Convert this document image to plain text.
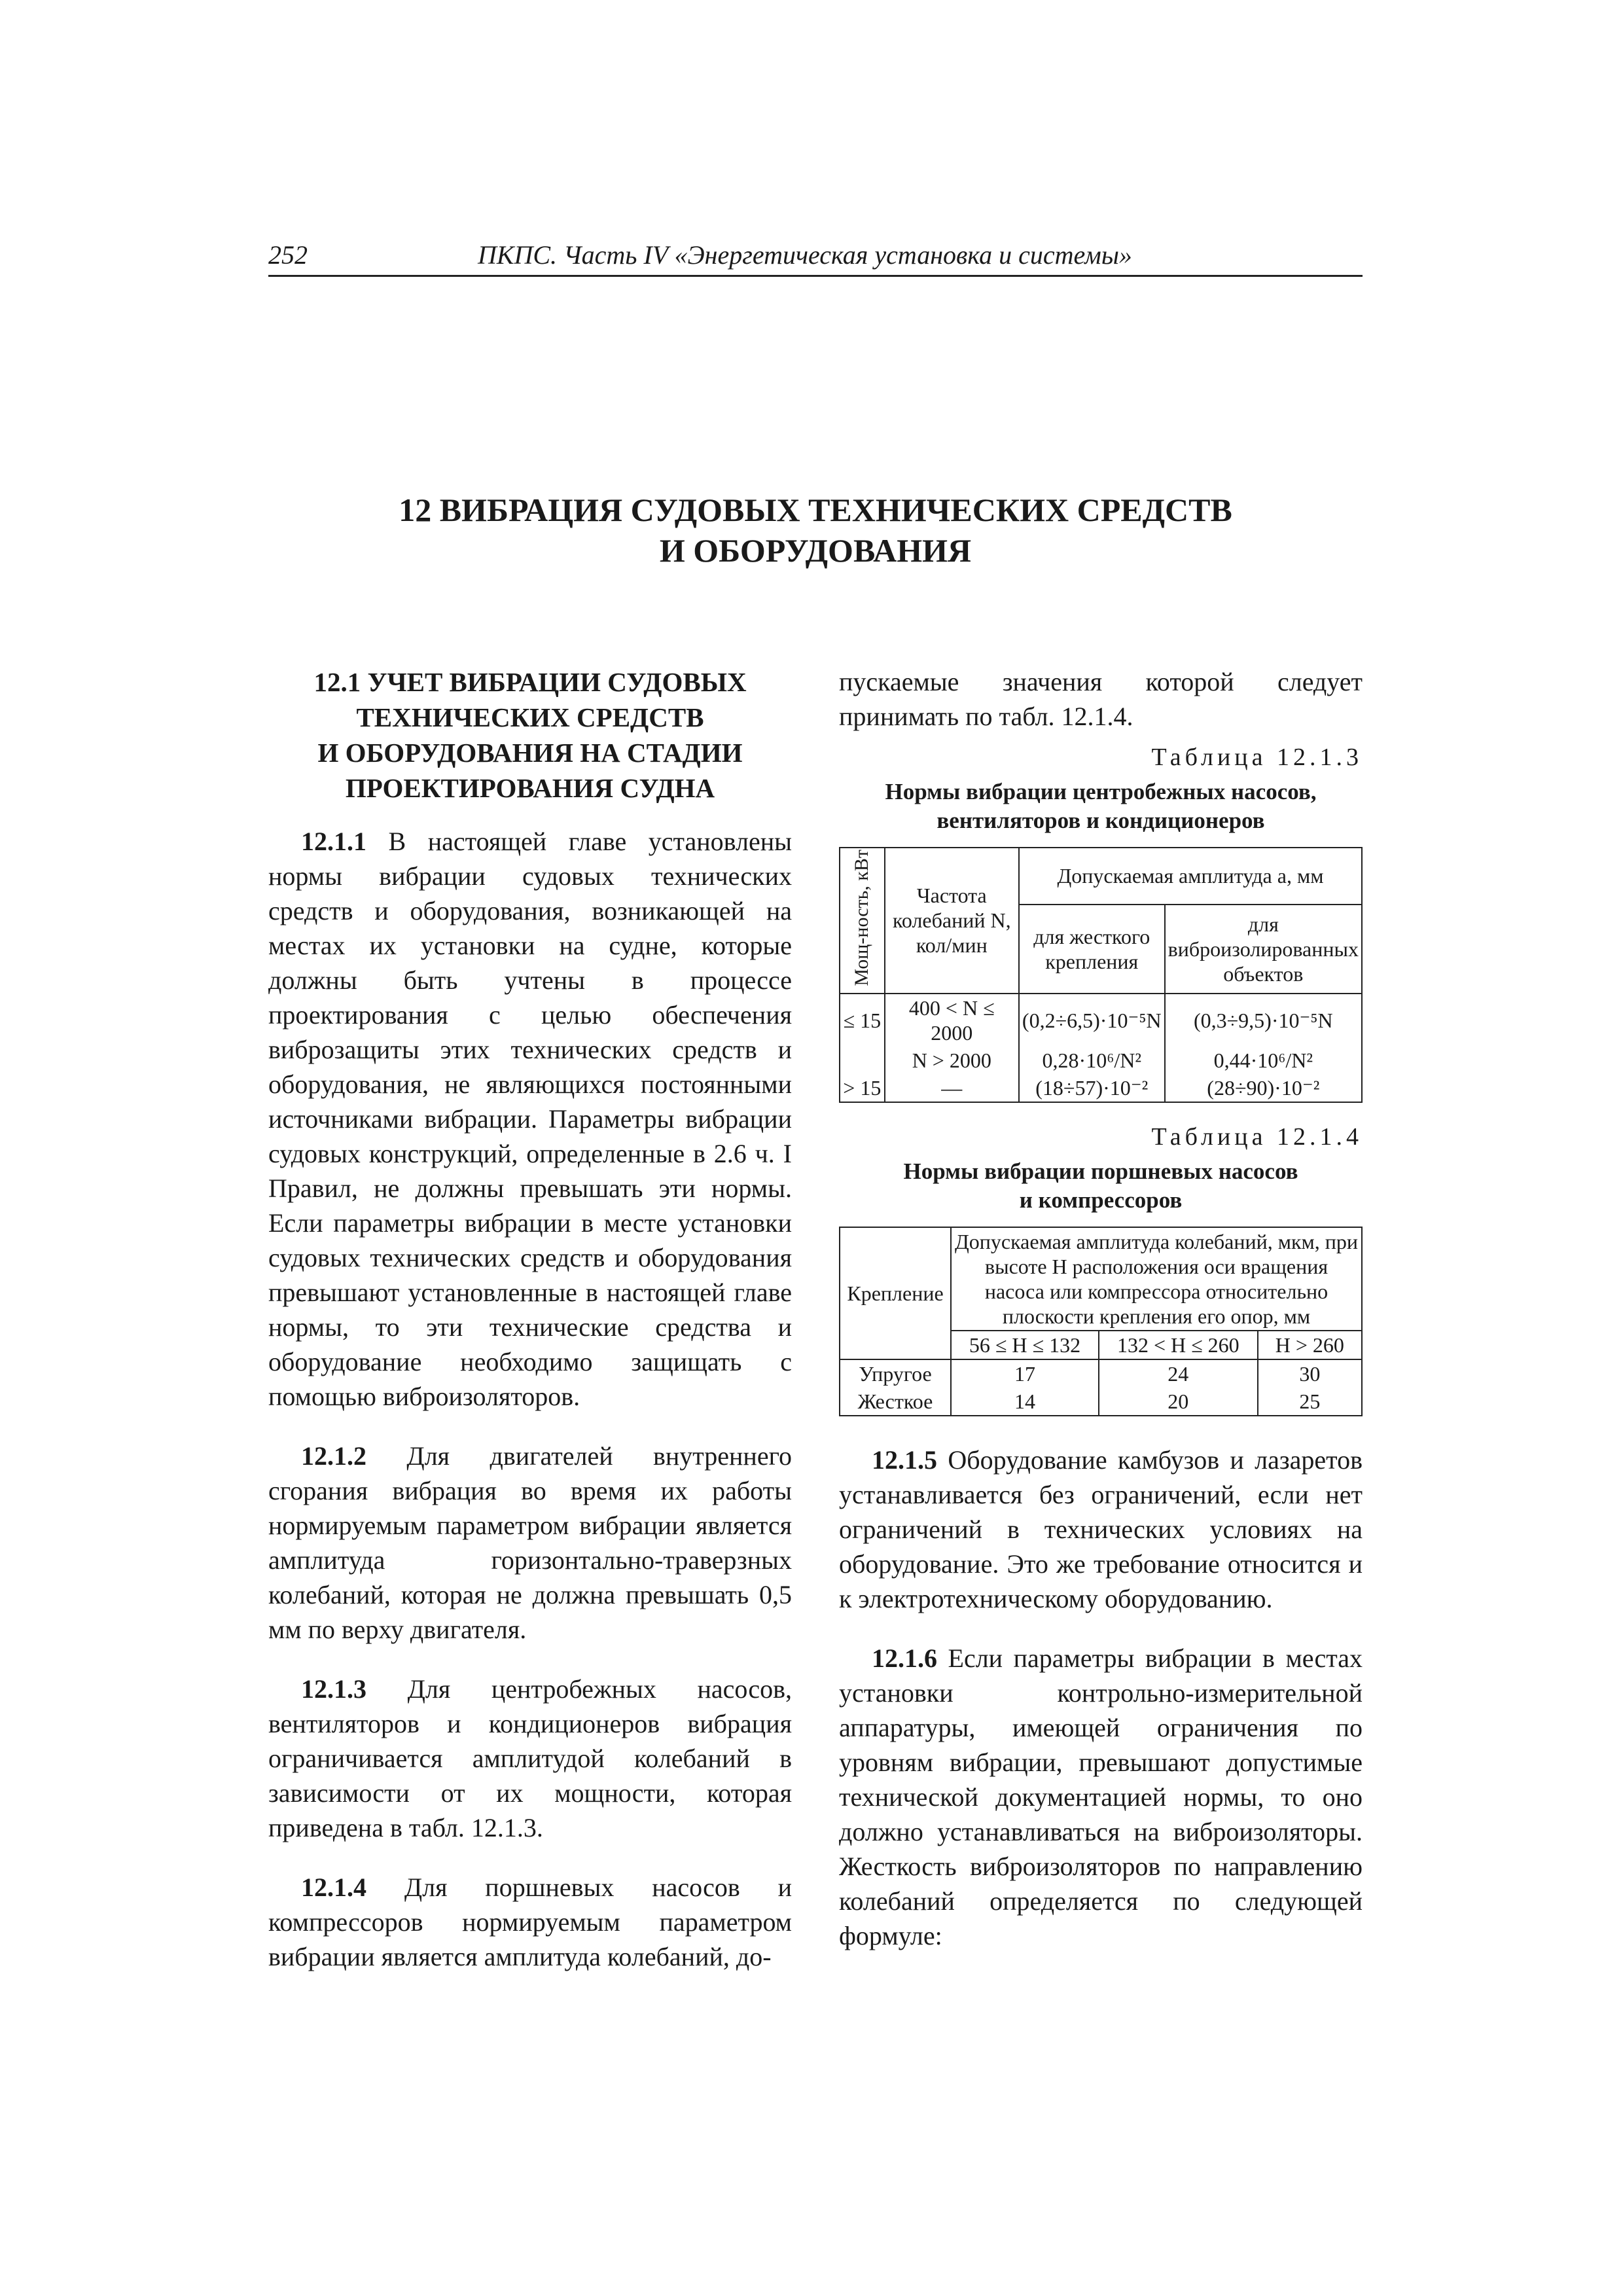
252	ПКПС. Часть IV «Энергетическая установка и системы»
12 ВИБРАЦИЯ СУДОВЫХ ТЕХНИЧЕСКИХ СРЕДСТВ
И ОБОРУДОВАНИЯ
12.1 УЧЕТ ВИБРАЦИИ СУДОВЫХ
ТЕХНИЧЕСКИХ СРЕДСТВ
И ОБОРУДОВАНИЯ НА СТАДИИ
ПРОЕКТИРОВАНИЯ СУДНА

12.1.1 В настоящей главе установлены нормы вибрации судовых технических средств и оборудования, возникающей на местах их установки на судне, которые должны быть учтены в процессе проектирования с целью обеспечения виброзащиты этих технических средств и оборудования, не являющихся постоянными источниками вибрации. Параметры вибрации судовых конструкций, определенные в 2.6 ч. I Правил, не должны превышать эти нормы. Если параметры вибрации в месте установки судовых технических средств и оборудования превышают установленные в настоящей главе нормы, то эти технические средства и оборудование необходимо защищать с помощью виброизоляторов.

12.1.2 Для двигателей внутреннего сгорания вибрация во время их работы нормируемым параметром вибрации является амплитуда горизонтально-траверзных колебаний, которая не должна превышать 0,5 мм по верху двигателя.

12.1.3 Для центробежных насосов, вентиляторов и кондиционеров вибрация ограничивается амплитудой колебаний в зависимости от их мощности, которая приведена в табл. 12.1.3.

12.1.4 Для поршневых насосов и компрессоров нормируемым параметром вибрации является амплитуда колебаний, до-

пускаемые значения которой следует принимать по табл. 12.1.4.

Таблица 12.1.3
Нормы вибрации центробежных насосов,
вентиляторов и кондиционеров
Мощ-ность, кВт	Частота колебаний N, кол/мин	Допускаемая амплитуда a, мм	
		для жесткого крепления	для виброизолированных объектов
≤ 15	400 < N ≤ 2000	(0,2÷6,5)·10⁻⁵N	(0,3÷9,5)·10⁻⁵N
	N > 2000	0,28·10⁶/N²	0,44·10⁶/N²
> 15	—	(18÷57)·10⁻²	(28÷90)·10⁻²
Таблица 12.1.4
Нормы вибрации поршневых насосов
и компрессоров
Крепление	Допускаемая амплитуда колебаний, мкм, при высоте H расположения оси вращения насоса или компрессора относительно плоскости крепления его опор, мм		
	56 ≤ H ≤ 132	132 < H ≤ 260	H > 260
Упругое	17	24	30
Жесткое	14	20	25

12.1.5 Оборудование камбузов и лазаретов устанавливается без ограничений, если нет ограничений в технических условиях на оборудование. Это же требование относится и к электротехническому оборудованию.

12.1.6 Если параметры вибрации в местах установки контрольно-измерительной аппаратуры, имеющей ограничения по уровням вибрации, превышают допустимые технической документацией нормы, то оно должно устанавливаться на виброизоляторы. Жесткость виброизоляторов по направлению колебаний определяется по следующей формуле:
